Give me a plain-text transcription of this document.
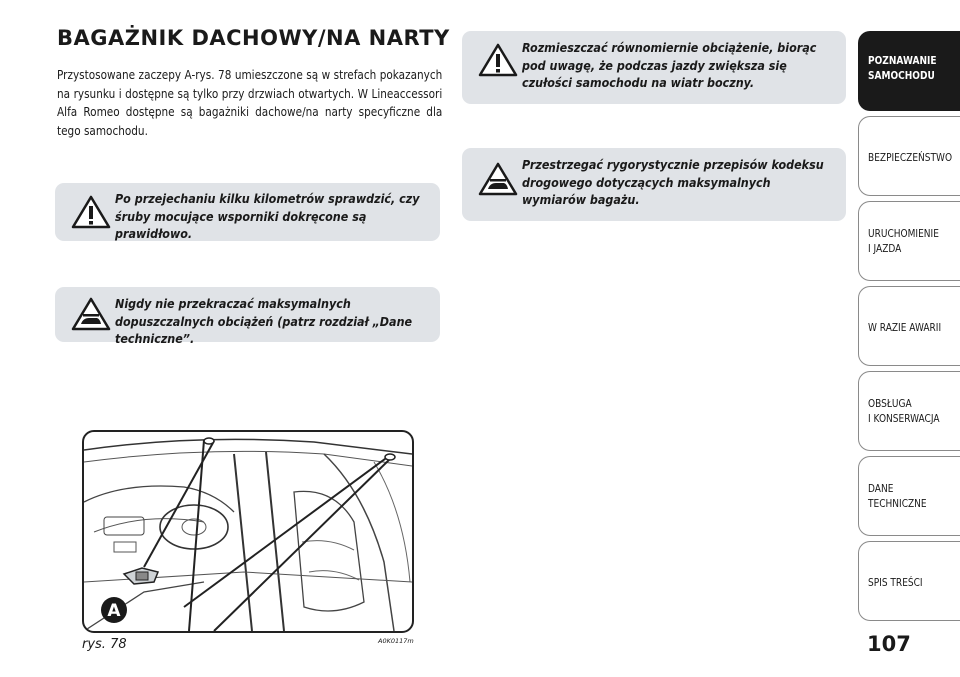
BAGAŻNIK DACHOWY/NA NARTY

Przystosowane zaczepy A-rys. 78 umieszczone są w strefach pokazanych na rysunku i dostępne są tylko przy drzwiach otwartych. W Lineaccessori Alfa Romeo dostępne są bagażniki dachowe/na narty specyficzne dla tego samochodu.

Po przejechaniu kilku kilometrów sprawdzić, czy śruby mocujące wsporniki dokręcone są prawidłowo.
Nigdy nie przekraczać maksymalnych dopuszczalnych obciążeń (patrz rozdział „Dane techniczne”.
Rozmieszczać równomiernie obciążenie, biorąc pod uwagę, że podczas jazdy zwiększa się czułości samochodu na wiatr boczny.
Przestrzegać rygorystycznie przepisów kodeksu drogowego dotyczących maksymalnych wymiarów bagażu.
A
rys. 78	A0K0117m	107
POZNAWANIE
SAMOCHODU
BEZPIECZEŃSTWO
URUCHOMIENIE
I JAZDA
W RAZIE AWARII
OBSŁUGA
I KONSERWACJA
DANE
TECHNICZNE
SPIS TREŚCI
